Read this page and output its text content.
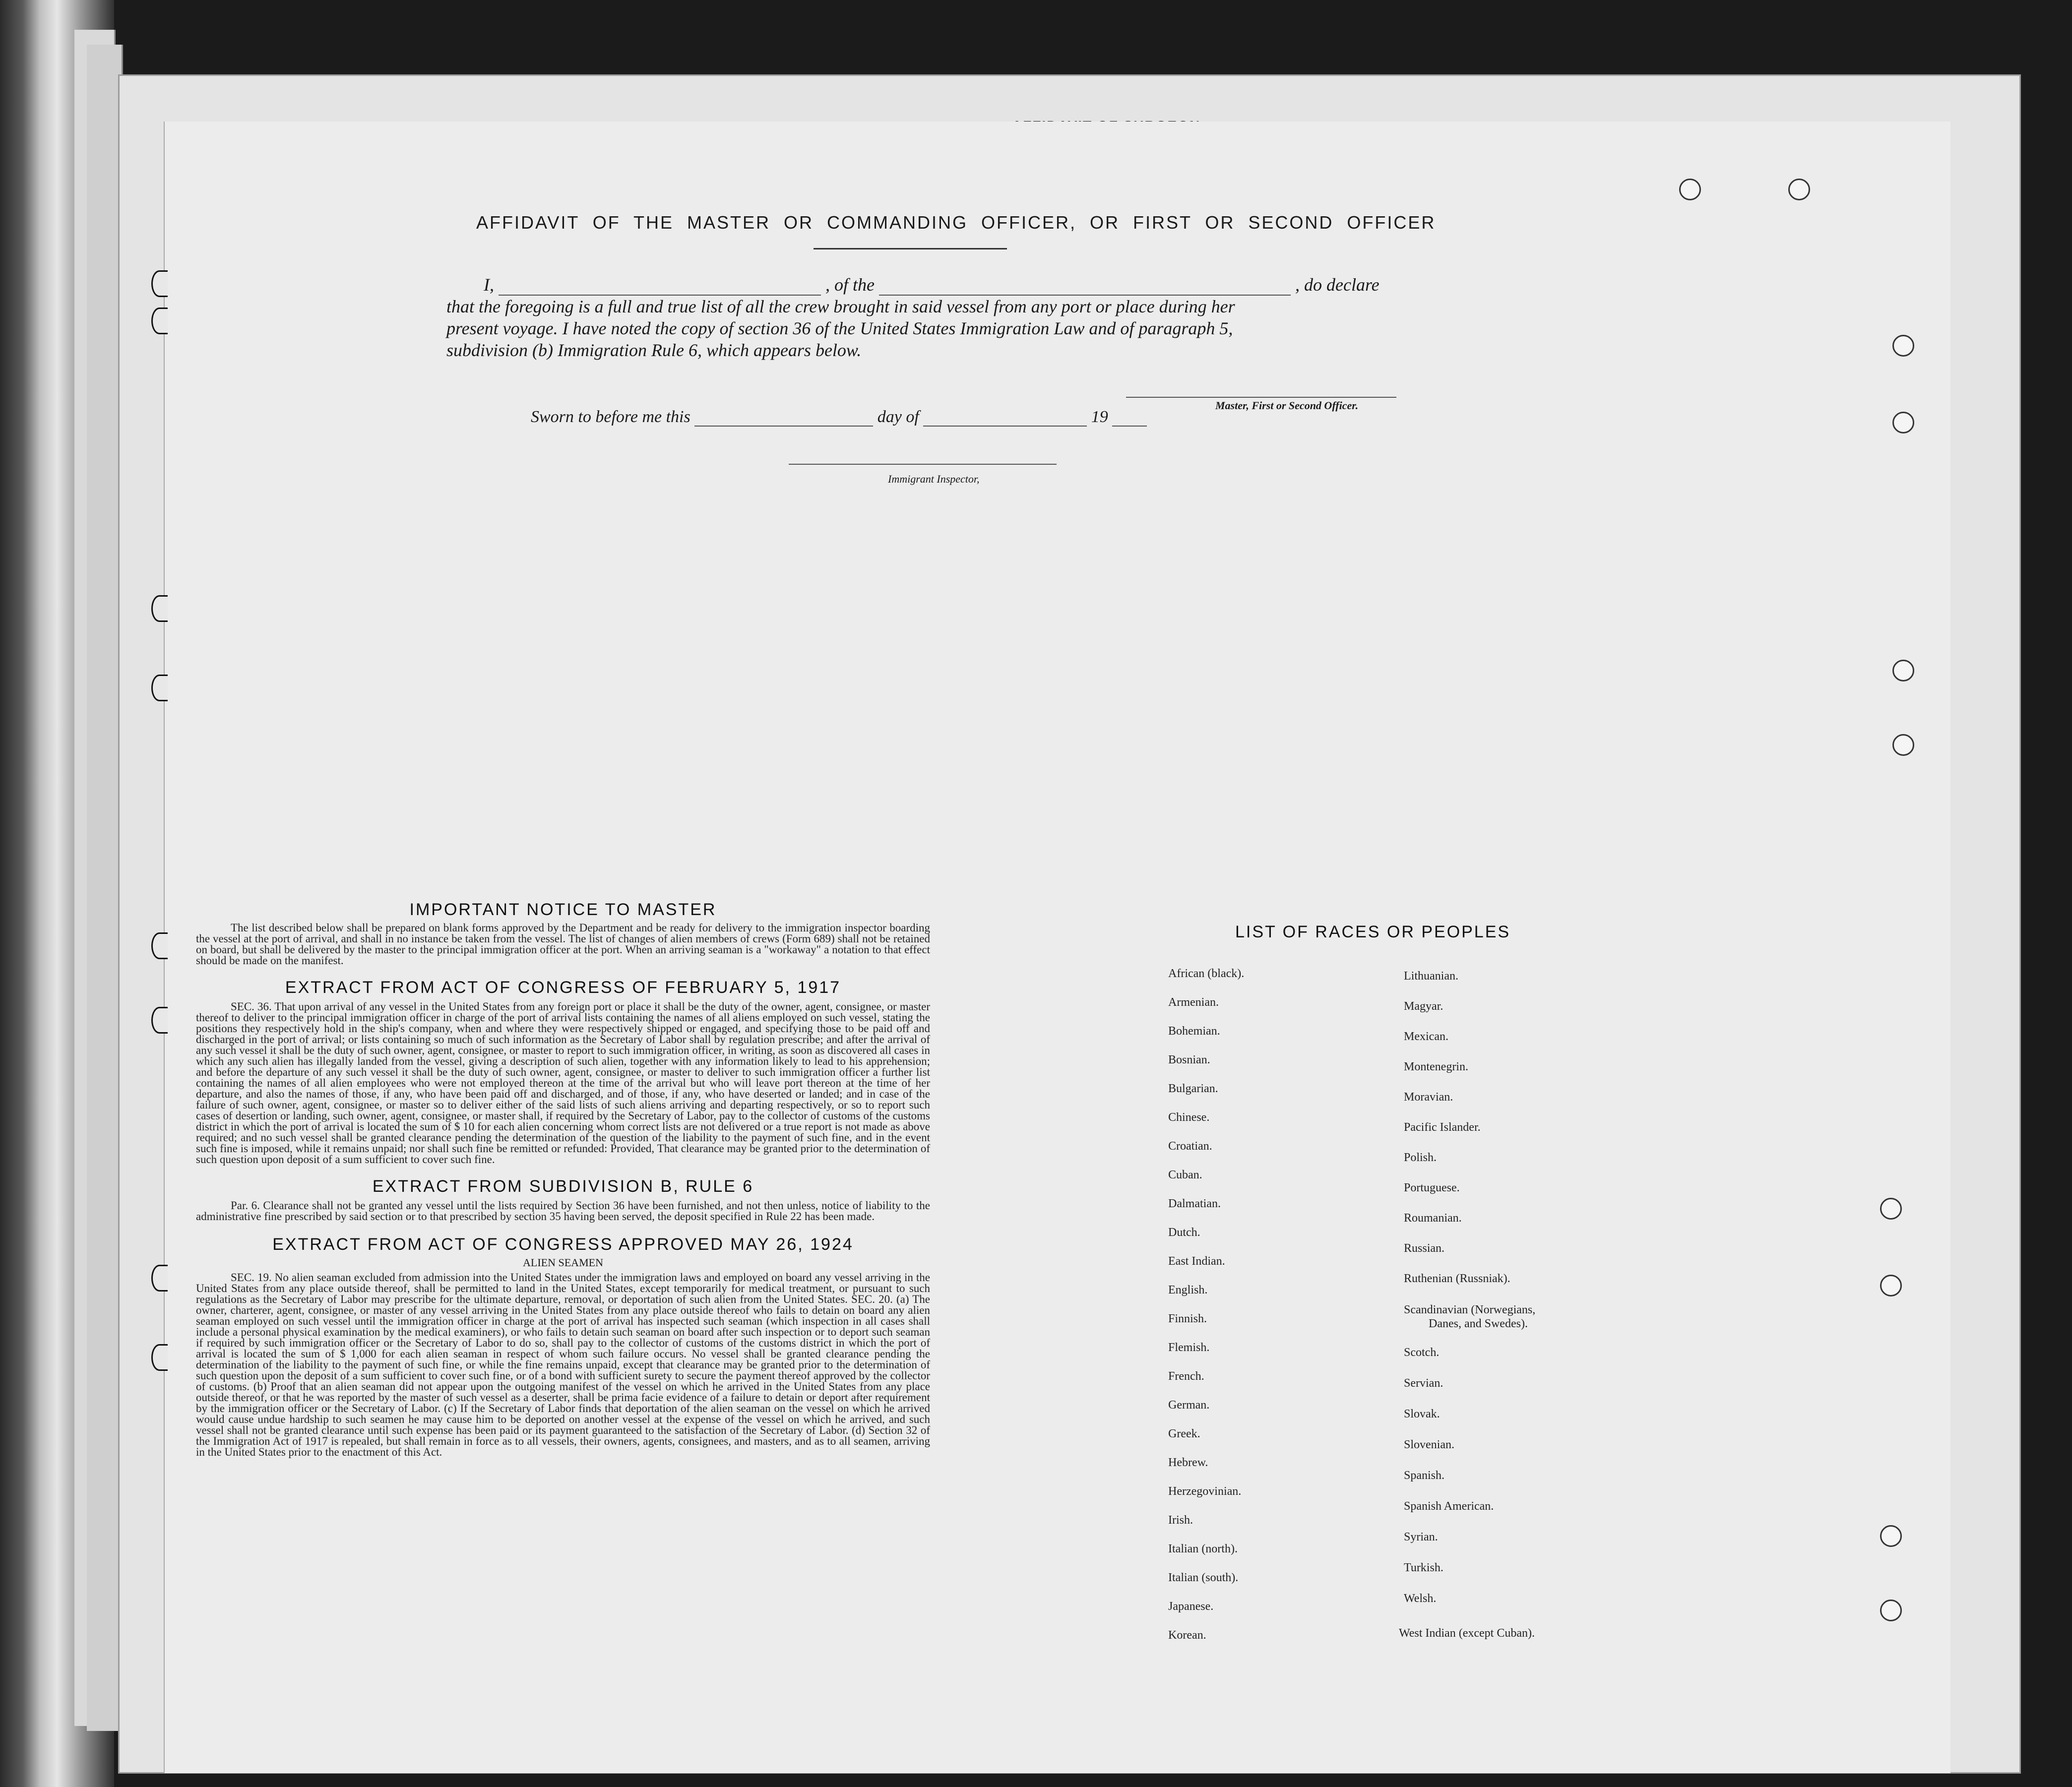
AFFIDAVIT OF THE MASTER OR COMMANDING OFFICER, OR FIRST OR SECOND OFFICER
I,	, of the	, do declare
that the foregoing is a full and true list of all the crew brought in said vessel from any port or place during her
present voyage. I have noted the copy of section 36 of the United States Immigration Law and of paragraph 5,
subdivision (b) Immigration Rule 6, which appears below.
Master, First or Second Officer.
Sworn to before me this	day of	19
Immigrant Inspector,
IMPORTANT NOTICE TO MASTER
The list described below shall be prepared on blank forms approved by the Department and be ready for delivery to the immigration inspector boarding the vessel at the port of arrival, and shall in no instance be taken from the vessel. The list of changes of alien members of crews (Form 689) shall not be retained on board, but shall be delivered by the master to the principal immigration officer at the port. When an arriving seaman is a "workaway" a notation to that effect should be made on the manifest.
EXTRACT FROM ACT OF CONGRESS OF FEBRUARY 5, 1917
SEC. 36. That upon arrival of any vessel in the United States from any foreign port or place it shall be the duty of the owner, agent, consignee, or master thereof to deliver to the principal immigration officer in charge of the port of arrival lists containing the names of all aliens employed on such vessel, stating the positions they respectively hold in the ship's company, when and where they were respectively shipped or engaged, and specifying those to be paid off and discharged in the port of arrival; or lists containing so much of such information as the Secretary of Labor shall by regulation prescribe; and after the arrival of any such vessel it shall be the duty of such owner, agent, consignee, or master to report to such immigration officer, in writing, as soon as discovered all cases in which any such alien has illegally landed from the vessel, giving a description of such alien, together with any information likely to lead to his apprehension; and before the departure of any such vessel it shall be the duty of such owner, agent, consignee, or master to deliver to such immigration officer a further list containing the names of all alien employees who were not employed thereon at the time of the arrival but who will leave port thereon at the time of her departure, and also the names of those, if any, who have been paid off and discharged, and of those, if any, who have deserted or landed; and in case of the failure of such owner, agent, consignee, or master so to deliver either of the said lists of such aliens arriving and departing respectively, or so to report such cases of desertion or landing, such owner, agent, consignee, or master shall, if required by the Secretary of Labor, pay to the collector of customs of the customs district in which the port of arrival is located the sum of $ 10 for each alien concerning whom correct lists are not delivered or a true report is not made as above required; and no such vessel shall be granted clearance pending the determination of the question of the liability to the payment of such fine, and in the event such fine is imposed, while it remains unpaid; nor shall such fine be remitted or refunded: Provided, That clearance may be granted prior to the determination of such question upon deposit of a sum sufficient to cover such fine.
EXTRACT FROM SUBDIVISION B, RULE 6
Par. 6. Clearance shall not be granted any vessel until the lists required by Section 36 have been furnished, and not then unless, notice of liability to the administrative fine prescribed by said section or to that prescribed by section 35 having been served, the deposit specified in Rule 22 has been made.
EXTRACT FROM ACT OF CONGRESS APPROVED MAY 26, 1924
ALIEN SEAMEN
SEC. 19. No alien seaman excluded from admission into the United States under the immigration laws and employed on board any vessel arriving in the United States from any place outside thereof, shall be permitted to land in the United States, except temporarily for medical treatment, or pursuant to such regulations as the Secretary of Labor may prescribe for the ultimate departure, removal, or deportation of such alien from the United States. SEC. 20. (a) The owner, charterer, agent, consignee, or master of any vessel arriving in the United States from any place outside thereof who fails to detain on board any alien seaman employed on such vessel until the immigration officer in charge at the port of arrival has inspected such seaman (which inspection in all cases shall include a personal physical examination by the medical examiners), or who fails to detain such seaman on board after such inspection or to deport such seaman if required by such immigration officer or the Secretary of Labor to do so, shall pay to the collector of customs of the customs district in which the port of arrival is located the sum of $ 1,000 for each alien seaman in respect of whom such failure occurs. No vessel shall be granted clearance pending the determination of the liability to the payment of such fine, or while the fine remains unpaid, except that clearance may be granted prior to the determination of such question upon the deposit of a sum sufficient to cover such fine, or of a bond with sufficient surety to secure the payment thereof approved by the collector of customs. (b) Proof that an alien seaman did not appear upon the outgoing manifest of the vessel on which he arrived in the United States from any place outside thereof, or that he was reported by the master of such vessel as a deserter, shall be prima facie evidence of a failure to detain or deport after requirement by the immigration officer or the Secretary of Labor. (c) If the Secretary of Labor finds that deportation of the alien seaman on the vessel on which he arrived would cause undue hardship to such seamen he may cause him to be deported on another vessel at the expense of the vessel on which he arrived, and such vessel shall not be granted clearance until such expense has been paid or its payment guaranteed to the satisfaction of the Secretary of Labor. (d) Section 32 of the Immigration Act of 1917 is repealed, but shall remain in force as to all vessels, their owners, agents, consignees, and masters, and as to all seamen, arriving in the United States prior to the enactment of this Act.
LIST OF RACES OR PEOPLES
African (black).
Armenian.
Bohemian.
Bosnian.
Bulgarian.
Chinese.
Croatian.
Cuban.
Dalmatian.
Dutch.
East Indian.
English.
Finnish.
Flemish.
French.
German.
Greek.
Hebrew.
Herzegovinian.
Irish.
Italian (north).
Italian (south).
Japanese.
Korean.
Lithuanian.
Magyar.
Mexican.
Montenegrin.
Moravian.
Pacific Islander.
Polish.
Portuguese.
Roumanian.
Russian.
Ruthenian (Russniak).
Scandinavian (Norwegians,
Danes, and Swedes).
Scotch.
Servian.
Slovak.
Slovenian.
Spanish.
Spanish American.
Syrian.
Turkish.
Welsh.
West Indian (except Cuban).
